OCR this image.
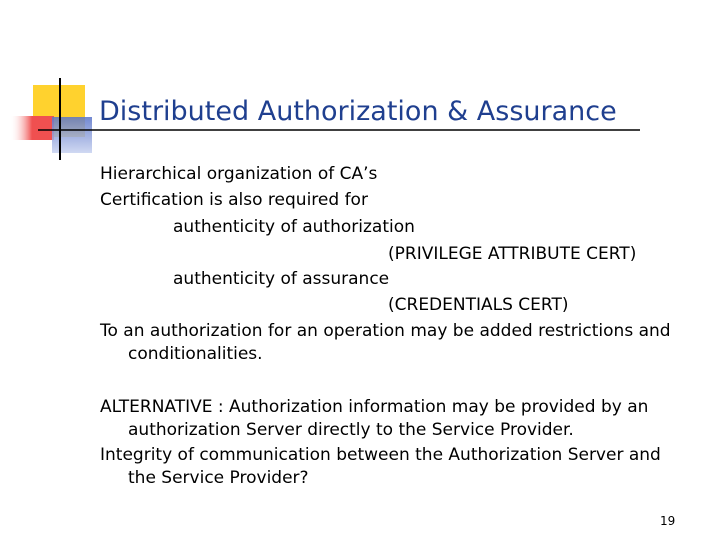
Distributed Authorization & Assurance
Hierarchical organization of CA’s
Certification is also required for
authenticity of authorization
(PRIVILEGE ATTRIBUTE CERT)
authenticity of assurance
(CREDENTIALS CERT)
To an authorization for an operation may be added restrictions and
conditionalities.
ALTERNATIVE : Authorization information may be provided by an
authorization Server directly to the Service Provider.
Integrity of communication between the Authorization Server and
the Service Provider?
19
